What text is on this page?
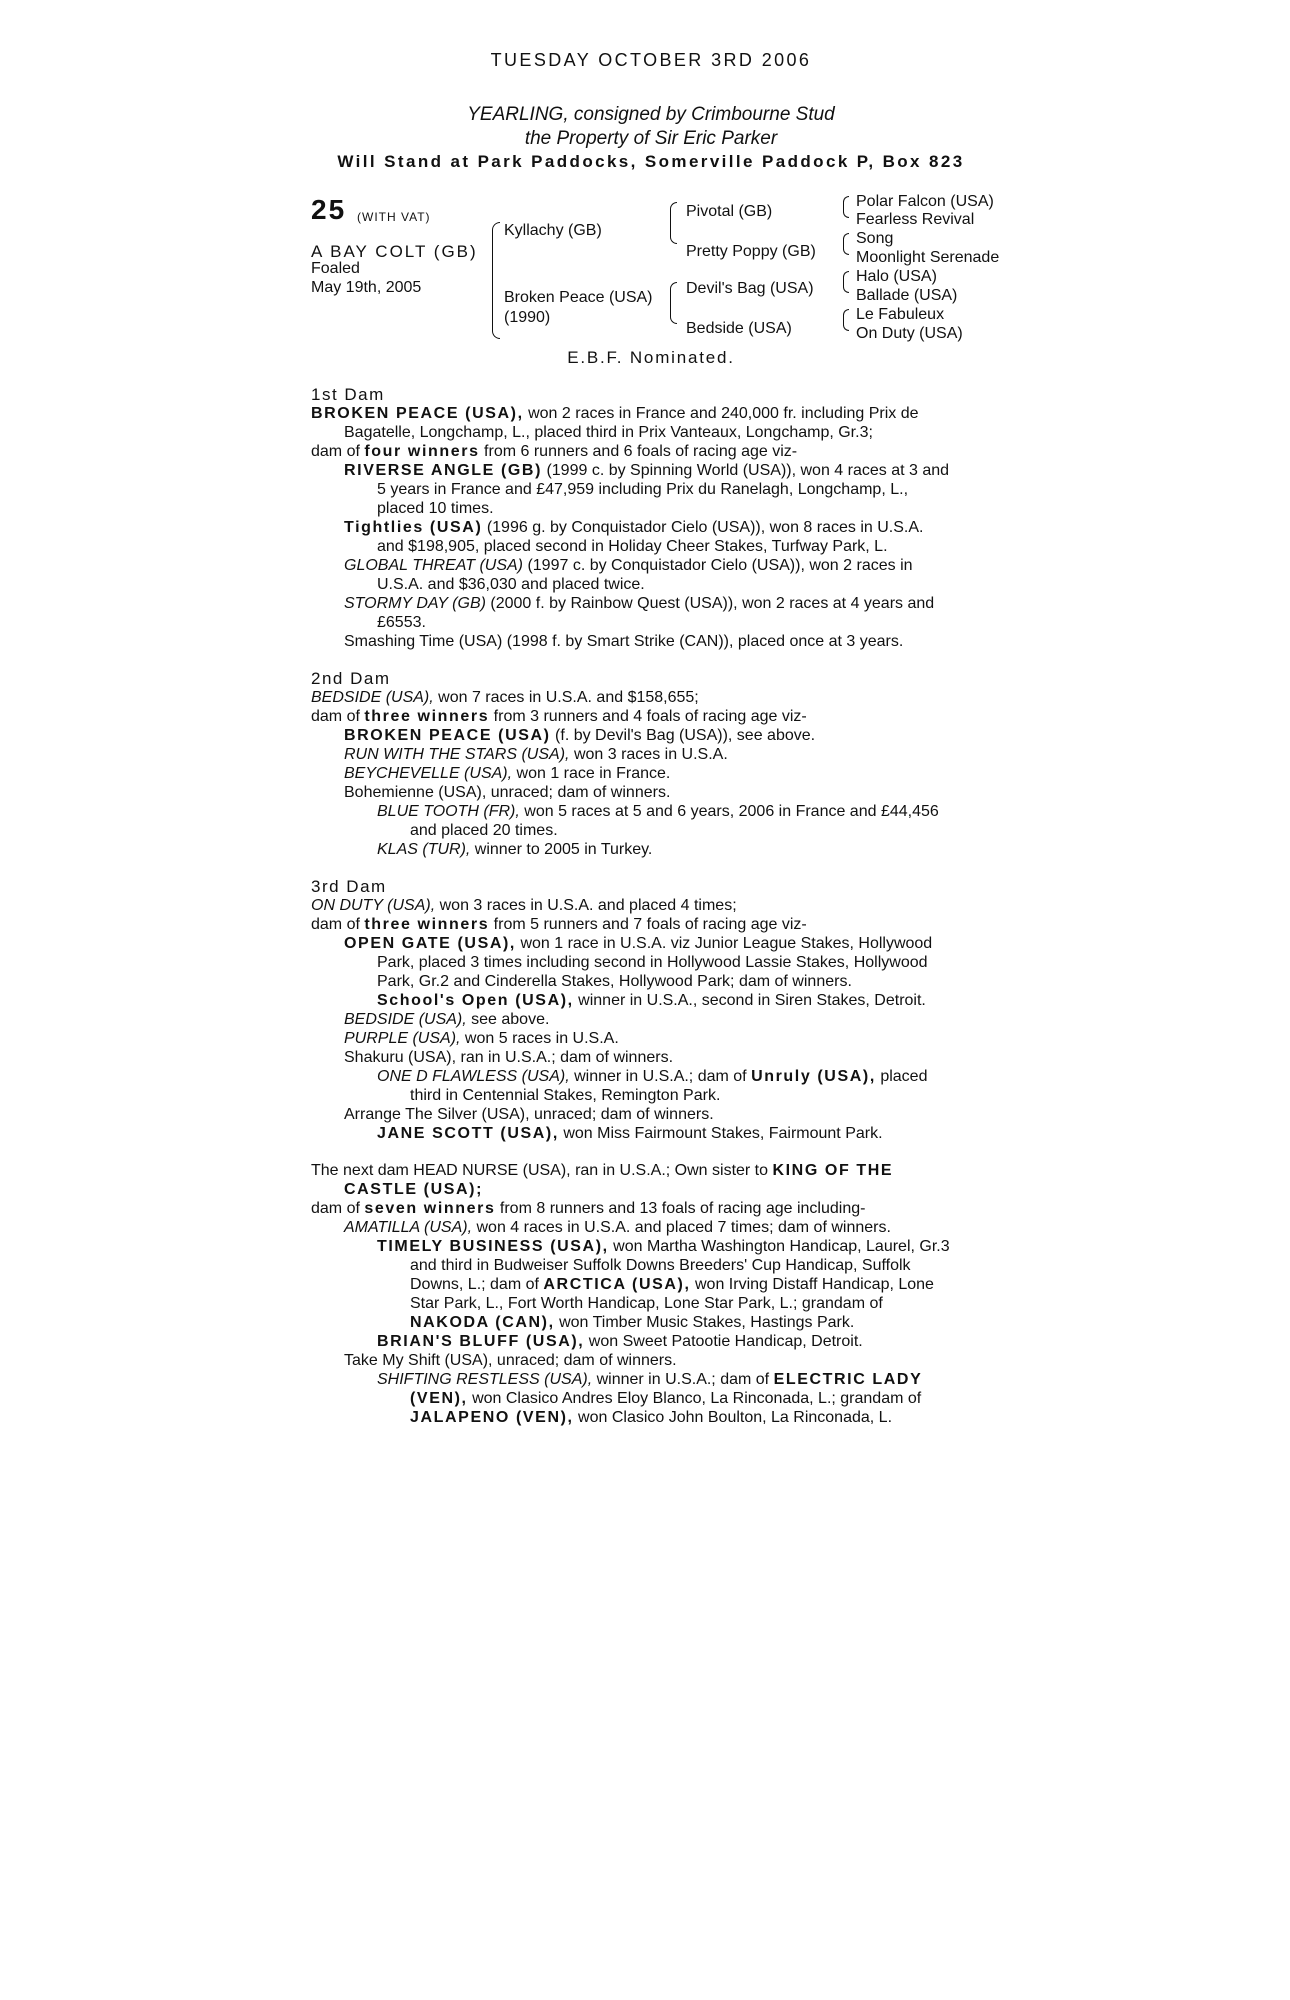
TUESDAY OCTOBER 3RD 2006
YEARLING, consigned by Crimbourne Stud
the Property of Sir Eric Parker
Will Stand at Park Paddocks, Somerville Paddock P, Box 823
25 (WITH VAT)
A BAY COLT (GB)
Foaled
May 19th, 2005
Kyllachy (GB)
Broken Peace (USA)
(1990)
Pivotal (GB)
Pretty Poppy (GB)
Devil's Bag (USA)
Bedside (USA)
Polar Falcon (USA)
Fearless Revival
Song
Moonlight Serenade
Halo (USA)
Ballade (USA)
Le Fabuleux
On Duty (USA)
E.B.F. Nominated.

1st Dam

BROKEN PEACE (USA), won 2 races in France and 240,000 fr. including Prix de

Bagatelle, Longchamp, L., placed third in Prix Vanteaux, Longchamp, Gr.3;

dam of four winners from 6 runners and 6 foals of racing age viz-

RIVERSE ANGLE (GB) (1999 c. by Spinning World (USA)), won 4 races at 3 and

5 years in France and £47,959 including Prix du Ranelagh, Longchamp, L.,

placed 10 times.

Tightlies (USA) (1996 g. by Conquistador Cielo (USA)), won 8 races in U.S.A.

and $198,905, placed second in Holiday Cheer Stakes, Turfway Park, L.

GLOBAL THREAT (USA) (1997 c. by Conquistador Cielo (USA)), won 2 races in

U.S.A. and $36,030 and placed twice.

STORMY DAY (GB) (2000 f. by Rainbow Quest (USA)), won 2 races at 4 years and

£6553.

Smashing Time (USA) (1998 f. by Smart Strike (CAN)), placed once at 3 years.

2nd Dam

BEDSIDE (USA), won 7 races in U.S.A. and $158,655;

dam of three winners from 3 runners and 4 foals of racing age viz-

BROKEN PEACE (USA) (f. by Devil's Bag (USA)), see above.

RUN WITH THE STARS (USA), won 3 races in U.S.A.

BEYCHEVELLE (USA), won 1 race in France.

Bohemienne (USA), unraced; dam of winners.

BLUE TOOTH (FR), won 5 races at 5 and 6 years, 2006 in France and £44,456

and placed 20 times.

KLAS (TUR), winner to 2005 in Turkey.

3rd Dam

ON DUTY (USA), won 3 races in U.S.A. and placed 4 times;

dam of three winners from 5 runners and 7 foals of racing age viz-

OPEN GATE (USA), won 1 race in U.S.A. viz Junior League Stakes, Hollywood

Park, placed 3 times including second in Hollywood Lassie Stakes, Hollywood

Park, Gr.2 and Cinderella Stakes, Hollywood Park; dam of winners.

School's Open (USA), winner in U.S.A., second in Siren Stakes, Detroit.

BEDSIDE (USA), see above.

PURPLE (USA), won 5 races in U.S.A.

Shakuru (USA), ran in U.S.A.; dam of winners.

ONE D FLAWLESS (USA), winner in U.S.A.; dam of Unruly (USA), placed

third in Centennial Stakes, Remington Park.

Arrange The Silver (USA), unraced; dam of winners.

JANE SCOTT (USA), won Miss Fairmount Stakes, Fairmount Park.

The next dam HEAD NURSE (USA), ran in U.S.A.; Own sister to KING OF THE

CASTLE (USA);

dam of seven winners from 8 runners and 13 foals of racing age including-

AMATILLA (USA), won 4 races in U.S.A. and placed 7 times; dam of winners.

TIMELY BUSINESS (USA), won Martha Washington Handicap, Laurel, Gr.3

and third in Budweiser Suffolk Downs Breeders' Cup Handicap, Suffolk

Downs, L.; dam of ARCTICA (USA), won Irving Distaff Handicap, Lone

Star Park, L., Fort Worth Handicap, Lone Star Park, L.; grandam of

NAKODA (CAN), won Timber Music Stakes, Hastings Park.

BRIAN'S BLUFF (USA), won Sweet Patootie Handicap, Detroit.

Take My Shift (USA), unraced; dam of winners.

SHIFTING RESTLESS (USA), winner in U.S.A.; dam of ELECTRIC LADY

(VEN), won Clasico Andres Eloy Blanco, La Rinconada, L.; grandam of

JALAPENO (VEN), won Clasico John Boulton, La Rinconada, L.
